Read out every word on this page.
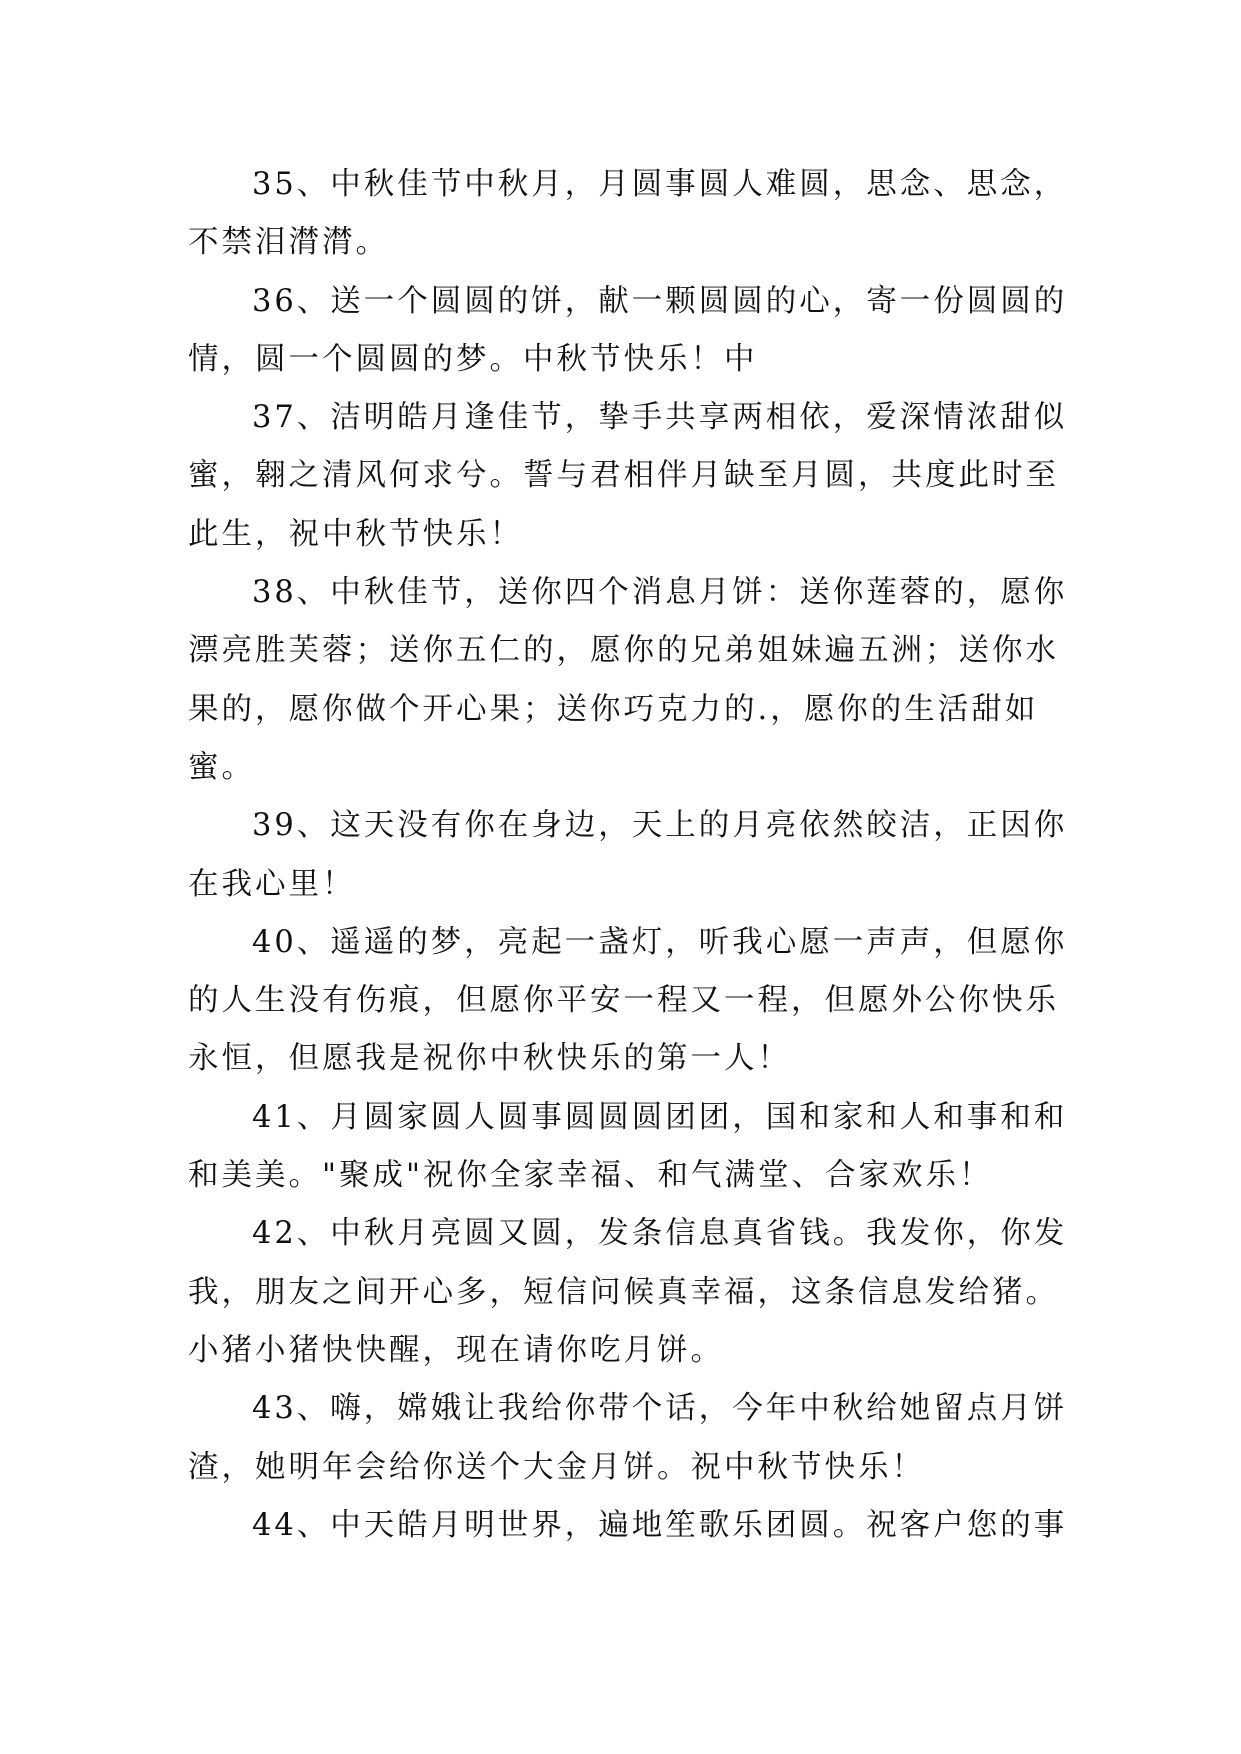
35、中秋佳节中秋月，月圆事圆人难圆，思念、思念，
不禁泪潸潸。
36、送一个圆圆的饼，献一颗圆圆的心，寄一份圆圆的
情，圆一个圆圆的梦。中秋节快乐！中
37、洁明皓月逢佳节，挚手共享两相依，爱深情浓甜似
蜜，翱之清风何求兮。誓与君相伴月缺至月圆，共度此时至
此生，祝中秋节快乐！
38、中秋佳节，送你四个消息月饼：送你莲蓉的，愿你
漂亮胜芙蓉；送你五仁的，愿你的兄弟姐妹遍五洲；送你水
果的，愿你做个开心果；送你巧克力的.，愿你的生活甜如
蜜。
39、这天没有你在身边，天上的月亮依然皎洁，正因你
在我心里！
40、遥遥的梦，亮起一盏灯，听我心愿一声声，但愿你
的人生没有伤痕，但愿你平安一程又一程，但愿外公你快乐
永恒，但愿我是祝你中秋快乐的第一人！
41、月圆家圆人圆事圆圆圆团团，国和家和人和事和和
和美美。"聚成"祝你全家幸福、和气满堂、合家欢乐！
42、中秋月亮圆又圆，发条信息真省钱。我发你，你发
我，朋友之间开心多，短信问候真幸福，这条信息发给猪。
小猪小猪快快醒，现在请你吃月饼。
43、嗨，嫦娥让我给你带个话，今年中秋给她留点月饼
渣，她明年会给你送个大金月饼。祝中秋节快乐！
44、中天皓月明世界，遍地笙歌乐团圆。祝客户您的事
